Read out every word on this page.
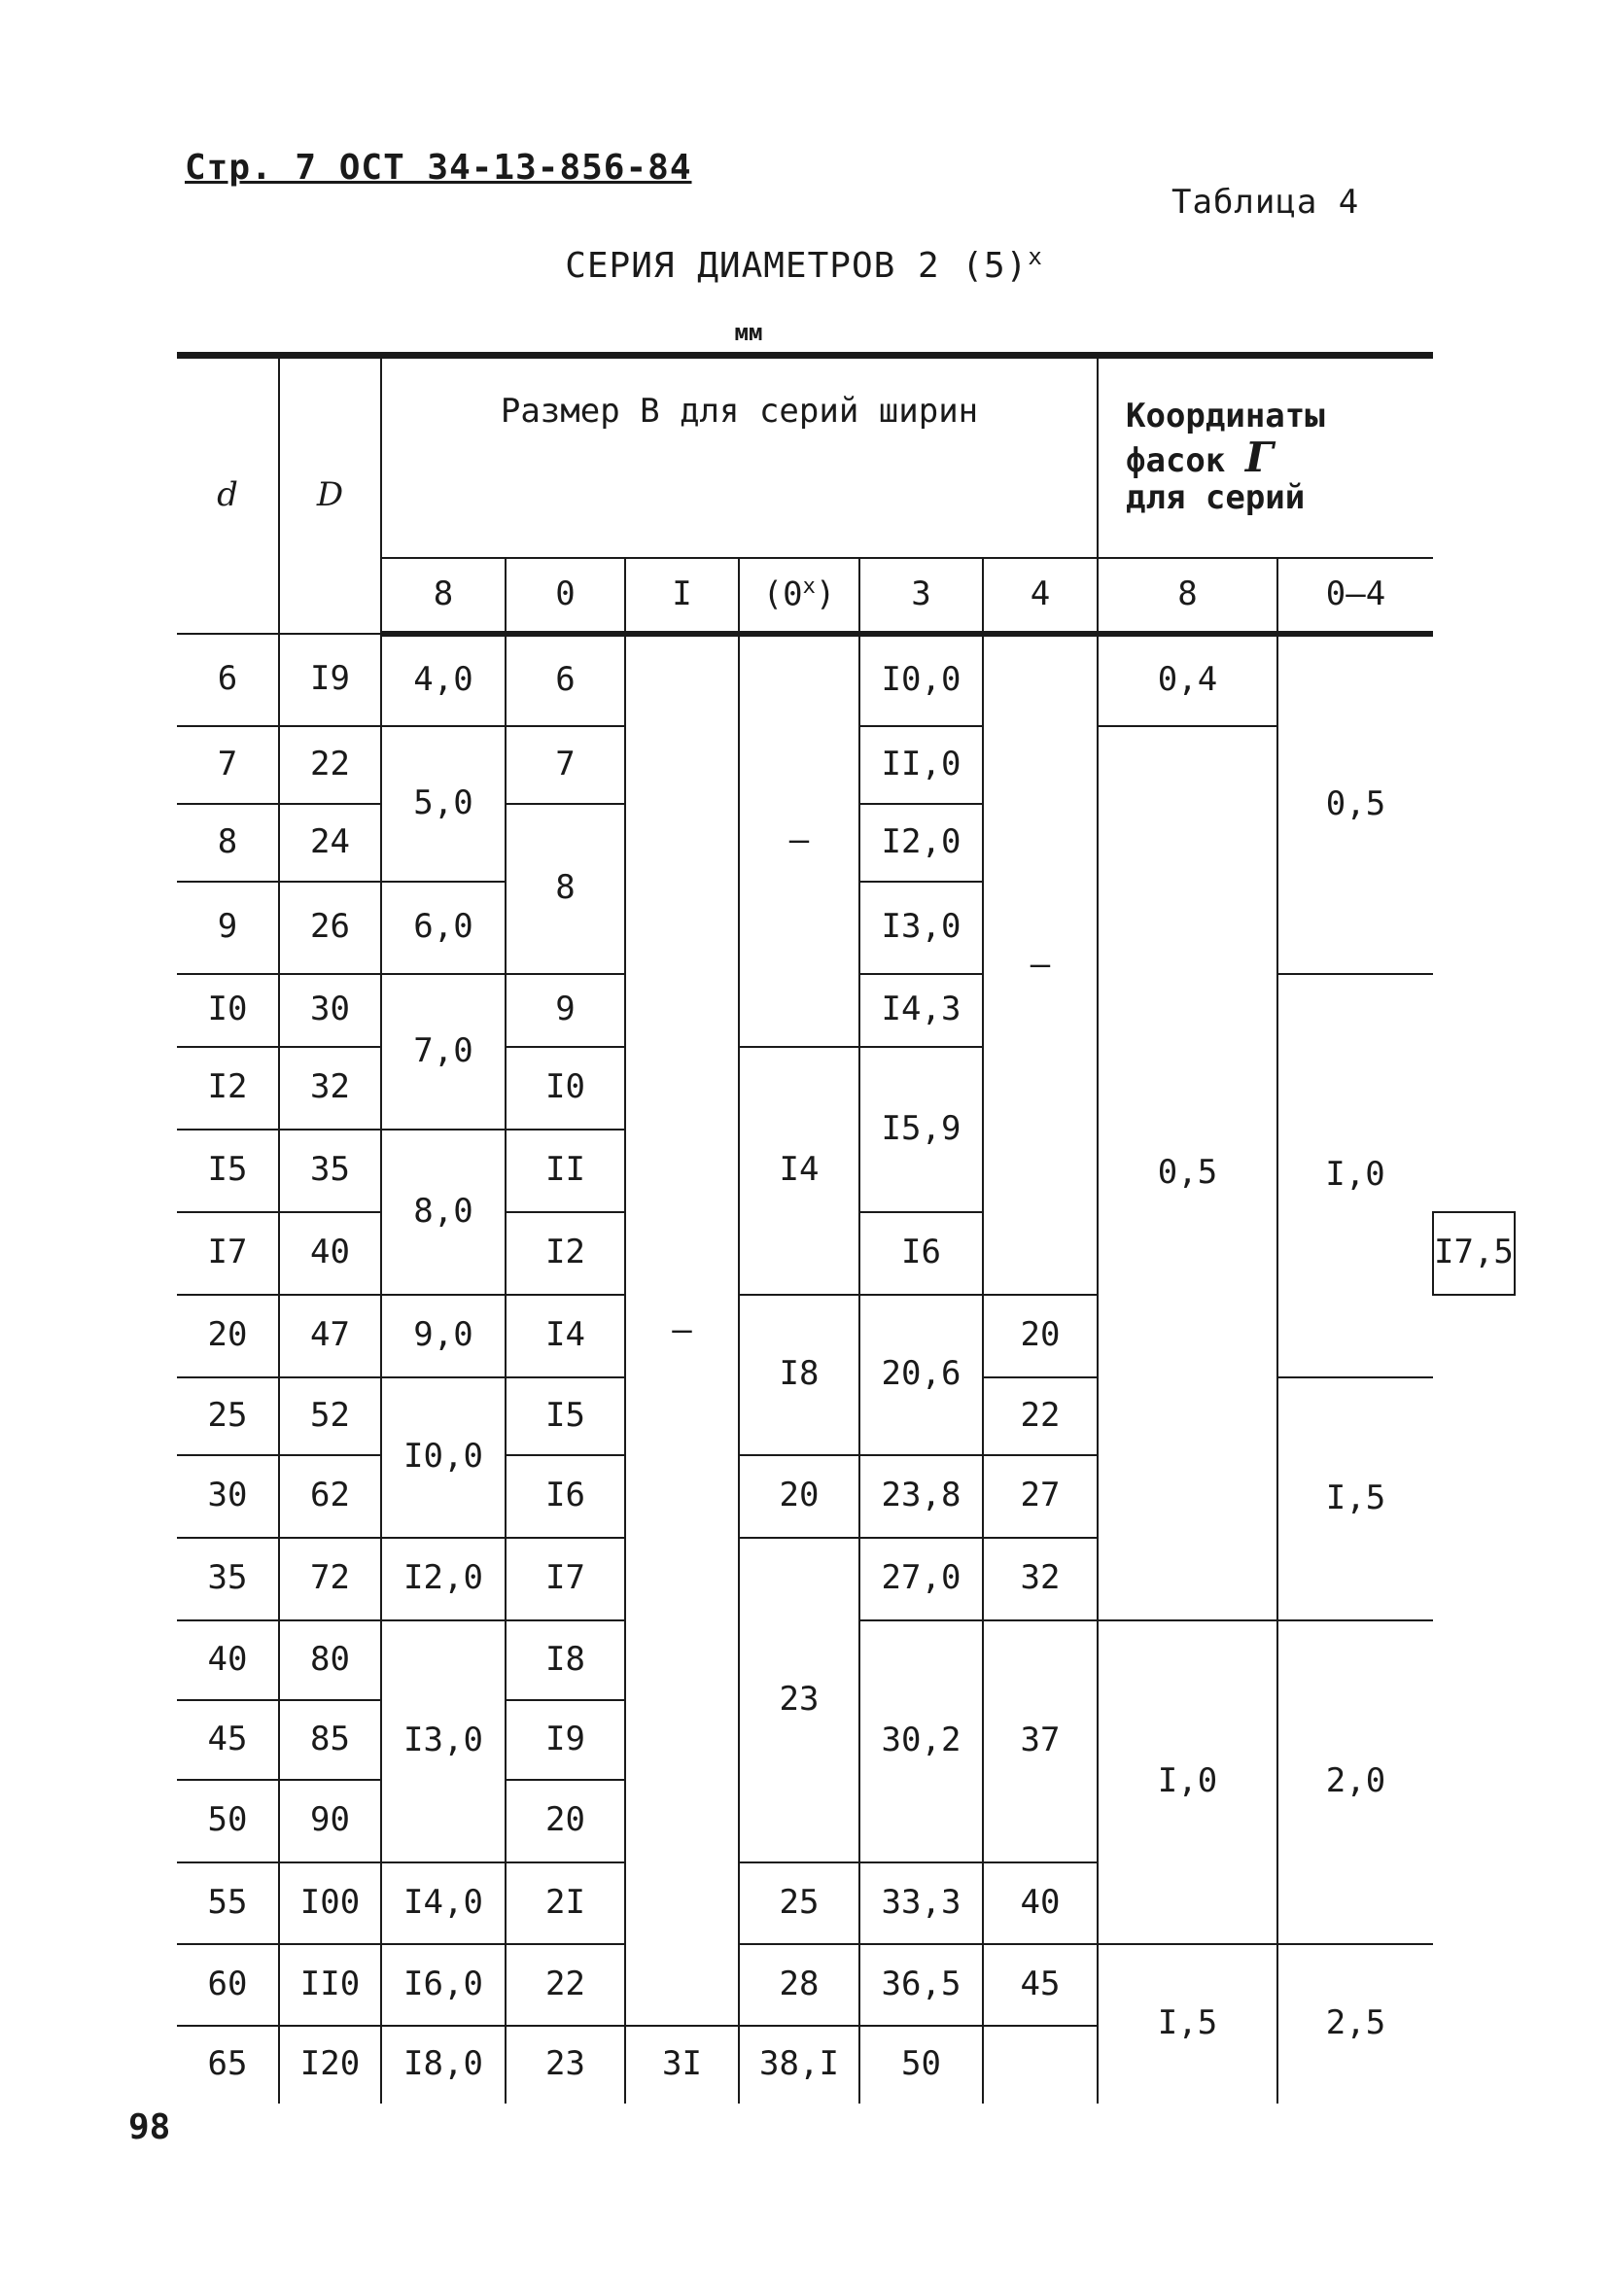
Стр. 7 ОСТ 34-13-856-84
Таблица 4
СЕРИЯ ДИАМЕТРОВ 2 $(5)^х$
мм
d	D	Размер В для серий ширин						Координаты
фасок Г
для серий		
		8	0	I	$(0^х)$	3	4	8	0–4	
6	I9	4,0	6	–	–	I0,0	–	0,4	0,5	
7	22	5,0	7			II,0		0,5		
8	24		8			I2,0				
9	26	6,0				I3,0				
I0	30	7,0	9			I4,3			I,0	
I2	32		I0		I4	I5,9				
I5	35	8,0	II							
I7	40		I2			I6				I7,5
20	47	9,0	I4		I8	20,6	20			
25	52	I0,0	I5				22		I,5	
30	62		I6		20	23,8	27			
35	72	I2,0	I7		23	27,0	32			
40	80	I3,0	I8			30,2	37	I,0	2,0	
45	85		I9							
50	90		20							
55	I00	I4,0	2I		25	33,3	40			
60	II0	I6,0	22		28	36,5	45	I,5	2,5	
65	I20	I8,0	23	3I	38,I	50				
98
